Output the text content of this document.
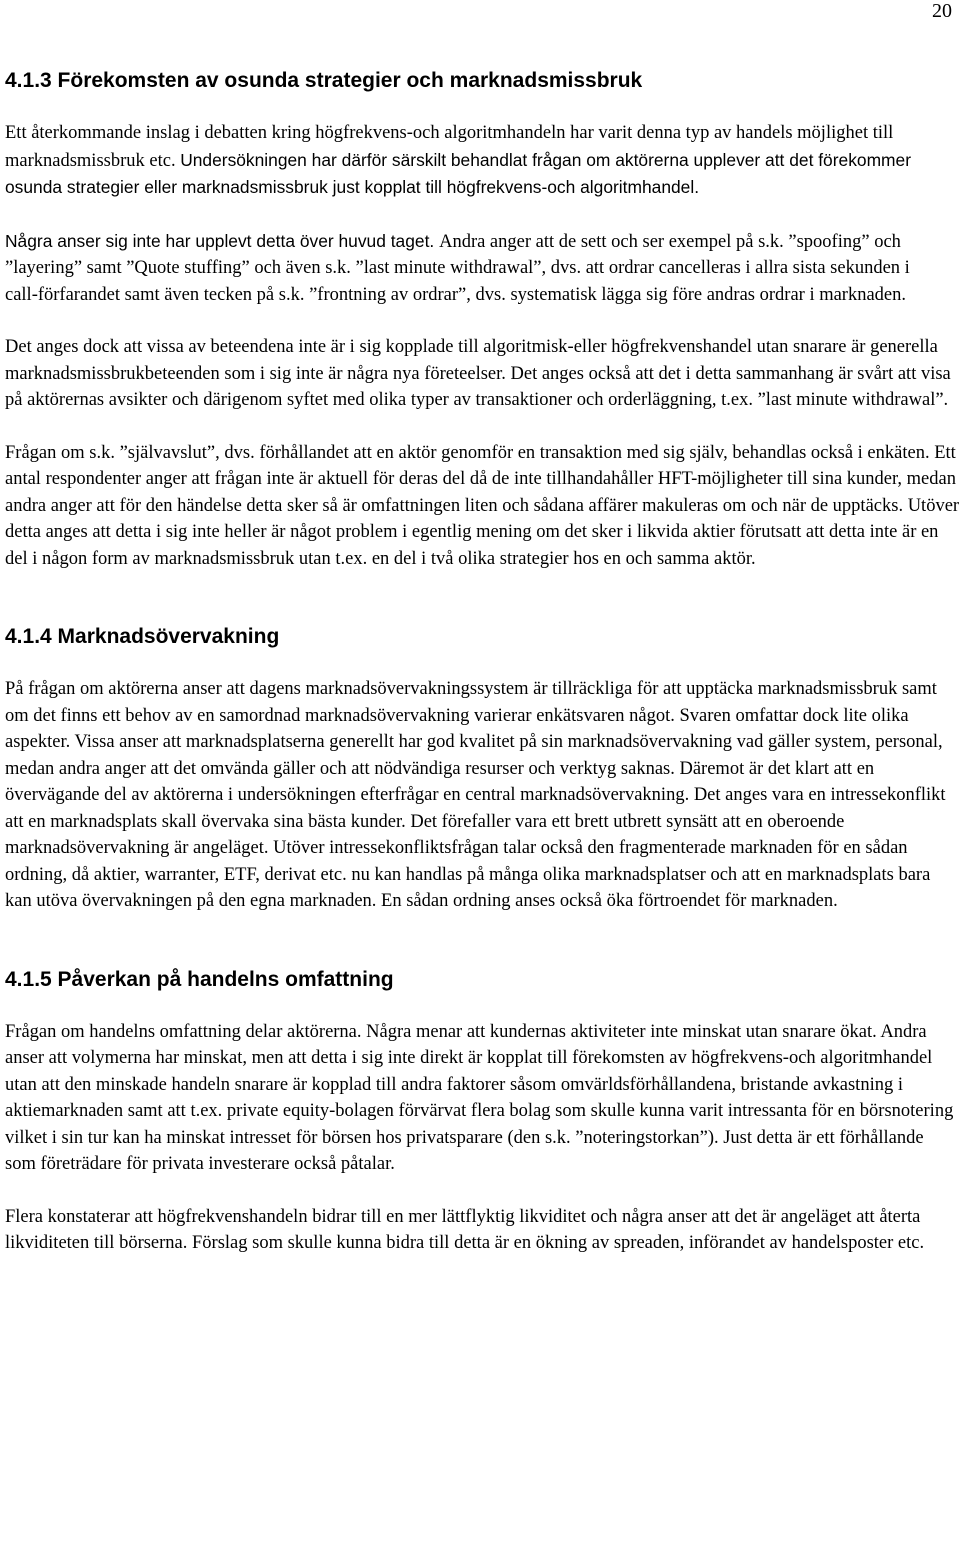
20
4.1.3 Förekomsten av osunda strategier och marknadsmissbruk

Ett återkommande inslag i debatten kring högfrekvens-och algoritmhandeln har varit denna typ av handels möjlighet till marknadsmissbruk etc. Undersökningen har därför särskilt behandlat frågan om aktörerna upplever att det förekommer osunda strategier eller marknadsmissbruk just kopplat till högfrekvens-och algoritmhandel.

Några anser sig inte har upplevt detta över huvud taget. Andra anger att de sett och ser exempel på s.k. ”spoofing” och ”layering” samt ”Quote stuffing” och även s.k. ”last minute withdrawal”, dvs. att ordrar cancelleras i allra sista sekunden i call-förfarandet samt även tecken på s.k. ”frontning av ordrar”, dvs. systematisk lägga sig före andras ordrar i marknaden.

Det anges dock att vissa av beteendena inte är i sig kopplade till algoritmisk-eller högfrekvenshandel utan snarare är generella marknadsmissbrukbeteenden som i sig inte är några nya företeelser. Det anges också att det i detta sammanhang är svårt att visa på aktörernas avsikter och därigenom syftet med olika typer av transaktioner och orderläggning, t.ex. ”last minute withdrawal”.

Frågan om s.k. ”självavslut”, dvs. förhållandet att en aktör genomför en transaktion med sig själv, behandlas också i enkäten. Ett antal respondenter anger att frågan inte är aktuell för deras del då de inte tillhandahåller HFT-möjligheter till sina kunder, medan andra anger att för den händelse detta sker så är omfattningen liten och sådana affärer makuleras om och när de upptäcks. Utöver detta anges att detta i sig inte heller är något problem i egentlig mening om det sker i likvida aktier förutsatt att detta inte är en del i någon form av marknadsmissbruk utan t.ex. en del i två olika strategier hos en och samma aktör.

4.1.4 Marknadsövervakning

På frågan om aktörerna anser att dagens marknadsövervakningssystem är tillräckliga för att upptäcka marknadsmissbruk samt om det finns ett behov av en samordnad marknadsövervakning varierar enkätsvaren något. Svaren omfattar dock lite olika aspekter. Vissa anser att marknadsplatserna generellt har god kvalitet på sin marknadsövervakning vad gäller system, personal, medan andra anger att det omvända gäller och att nödvändiga resurser och verktyg saknas. Däremot är det klart att en övervägande del av aktörerna i undersökningen efterfrågar en central marknadsövervakning. Det anges vara en intressekonflikt att en marknadsplats skall övervaka sina bästa kunder. Det förefaller vara ett brett utbrett synsätt att en oberoende marknadsövervakning är angeläget. Utöver intressekonfliktsfrågan talar också den fragmenterade marknaden för en sådan ordning, då aktier, warranter, ETF, derivat etc. nu kan handlas på många olika marknadsplatser och att en marknadsplats bara kan utöva övervakningen på den egna marknaden. En sådan ordning anses också öka förtroendet för marknaden.

4.1.5 Påverkan på handelns omfattning

Frågan om handelns omfattning delar aktörerna. Några menar att kundernas aktiviteter inte minskat utan snarare ökat. Andra anser att volymerna har minskat, men att detta i sig inte direkt är kopplat till förekomsten av högfrekvens-och algoritmhandel utan att den minskade handeln snarare är kopplad till andra faktorer såsom omvärldsförhållandena, bristande avkastning i aktiemarknaden samt att t.ex. private equity-bolagen förvärvat flera bolag som skulle kunna varit intressanta för en börsnotering vilket i sin tur kan ha minskat intresset för börsen hos privatsparare (den s.k. ”noteringstorkan”). Just detta är ett förhållande som företrädare för privata investerare också påtalar.

Flera konstaterar att högfrekvenshandeln bidrar till en mer lättflyktig likviditet och några anser att det är angeläget att återta likviditeten till börserna. Förslag som skulle kunna bidra till detta är en ökning av spreaden, införandet av handelsposter etc.
